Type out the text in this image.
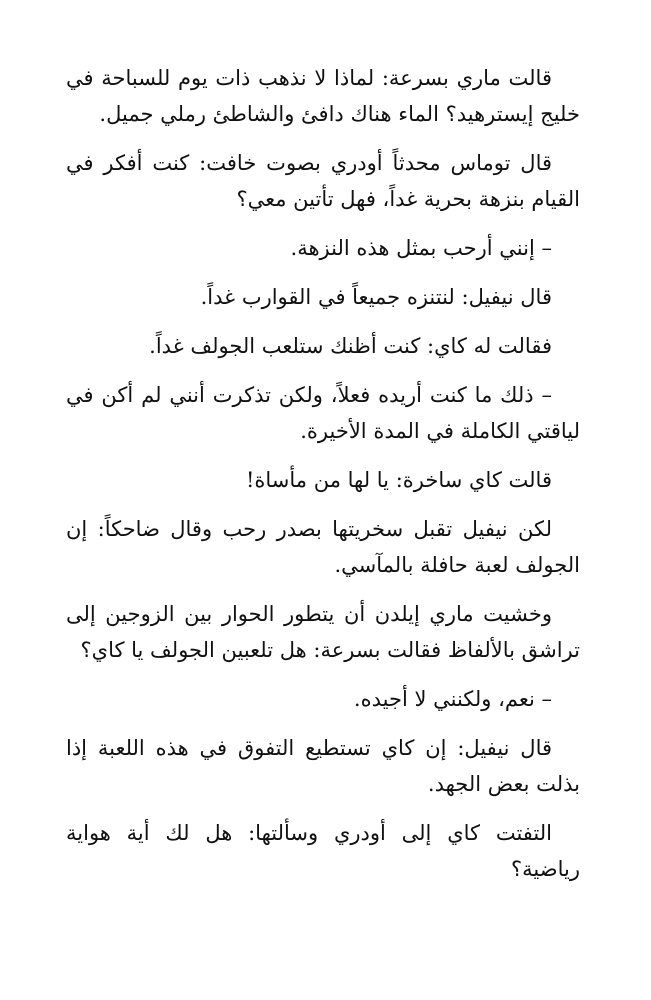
قالت ماري بسرعة: لماذا لا نذهب ذات يوم للسباحة في خليج إيسترهيد؟ الماء هناك دافئ والشاطئ رملي جميل.

قال توماس محدثاً أودري بصوت خافت: كنت أفكر في القيام بنزهة بحرية غداً، فهل تأتين معي؟

– إنني أرحب بمثل هذه النزهة.

قال نيفيل: لنتنزه جميعاً في القوارب غداً.

فقالت له كاي: كنت أظنك ستلعب الجولف غداً.

– ذلك ما كنت أريده فعلاً، ولكن تذكرت أنني لم أكن في لياقتي الكاملة في المدة الأخيرة.

قالت كاي ساخرة: يا لها من مأساة!

لكن نيفيل تقبل سخريتها بصدر رحب وقال ضاحكاً: إن الجولف لعبة حافلة بالمآسي.

وخشيت ماري إيلدن أن يتطور الحوار بين الزوجين إلى تراشق بالألفاظ فقالت بسرعة: هل تلعبين الجولف يا كاي؟

– نعم، ولكنني لا أجيده.

قال نيفيل: إن كاي تستطيع التفوق في هذه اللعبة إذا بذلت بعض الجهد.

التفتت كاي إلى أودري وسألتها: هل لك أية هواية رياضية؟
